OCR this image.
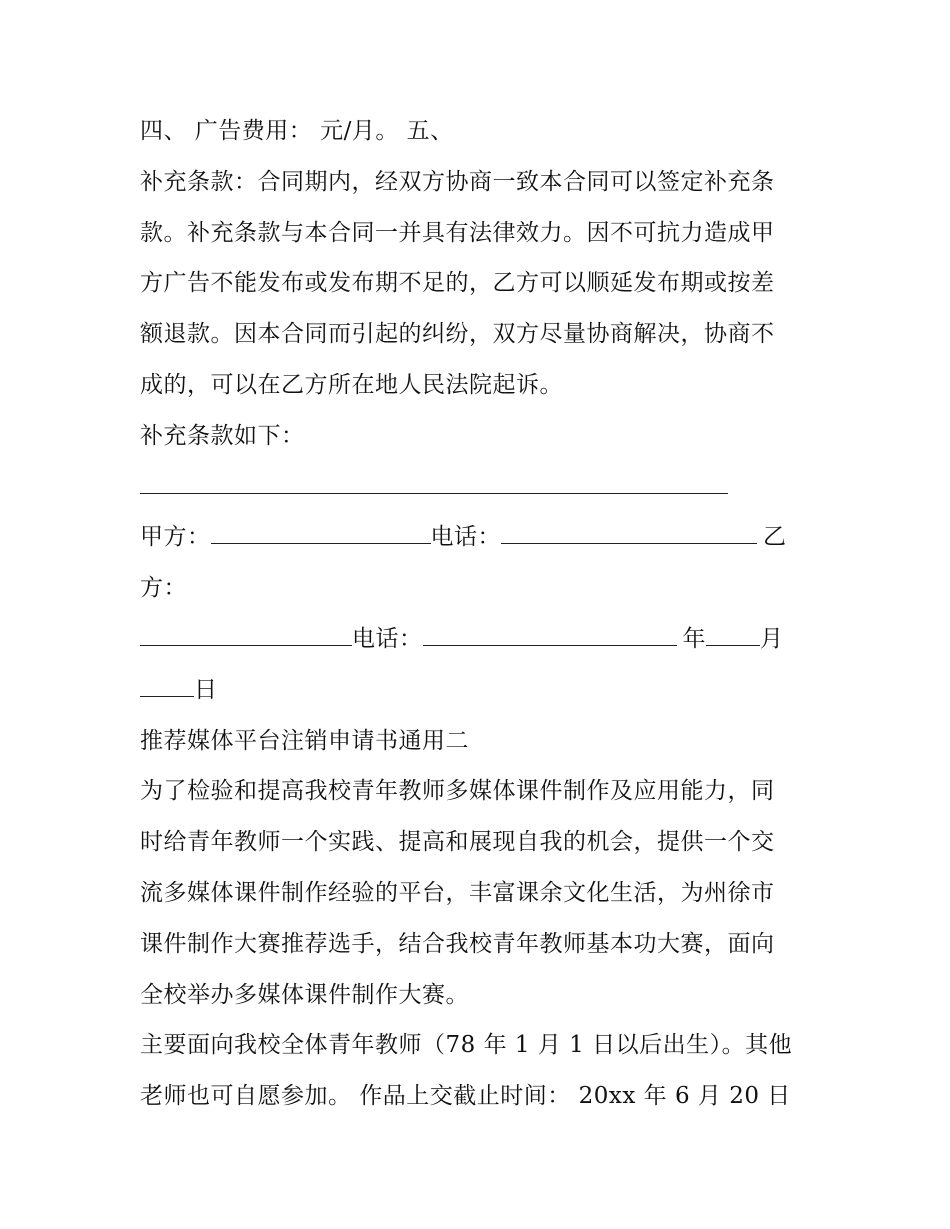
四、 广告费用： 元/月。 五、
补充条款：合同期内，经双方协商一致本合同可以签定补充条
款。补充条款与本合同一并具有法律效力。因不可抗力造成甲
方广告不能发布或发布期不足的，乙方可以顺延发布期或按差
额退款。因本合同而引起的纠纷，双方尽量协商解决，协商不
成的，可以在乙方所在地人民法院起诉。
补充条款如下：
甲方：	电话：	乙
方：
电话：	年 月
日
推荐媒体平台注销申请书通用二
为了检验和提高我校青年教师多媒体课件制作及应用能力，同
时给青年教师一个实践、提高和展现自我的机会，提供一个交
流多媒体课件制作经验的平台，丰富课余文化生活，为州徐市
课件制作大赛推荐选手，结合我校青年教师基本功大赛，面向
全校举办多媒体课件制作大赛。
主要面向我校全体青年教师（78 年 1 月 1 日以后出生）。其他
老师也可自愿参加。 作品上交截止时间： 20xx 年 6 月 20 日
